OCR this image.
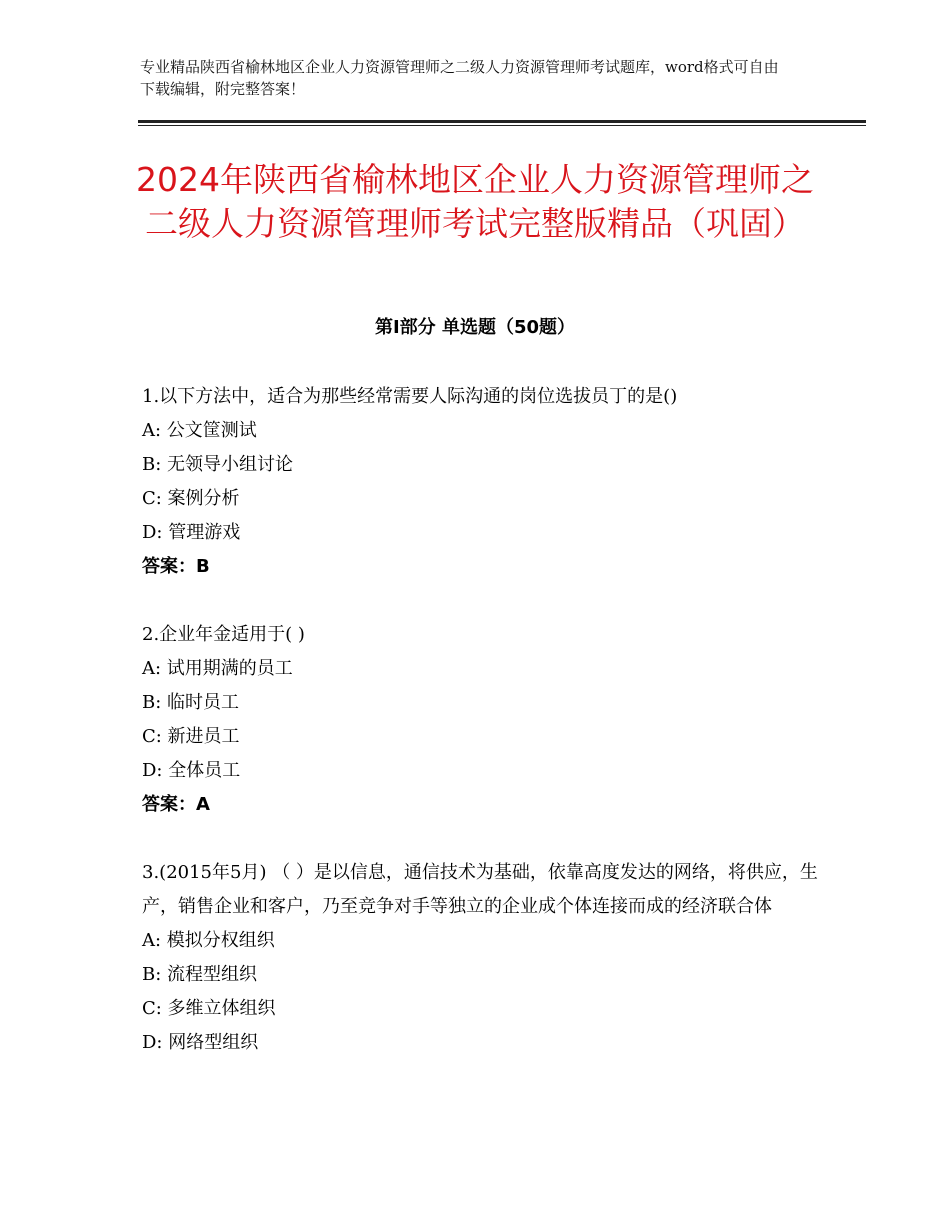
专业精品陕西省榆林地区企业人力资源管理师之二级人力资源管理师考试题库，word格式可自由下载编辑，附完整答案！
2024年陕西省榆林地区企业人力资源管理师之二级人力资源管理师考试完整版精品（巩固）
第Ⅰ部分 单选题（50题）

1.以下方法中，适合为那些经常需要人际沟通的岗位选拔员丁的是()

A: 公文筐测试

B: 无领导小组讨论

C: 案例分析

D: 管理游戏

答案：B

2.企业年金适用于( )

A: 试用期满的员工

B: 临时员工

C: 新进员工

D: 全体员工

答案：A

3.(2015年5月) （ ）是以信息，通信技术为基础，依靠高度发达的网络，将供应，生产，销售企业和客户，乃至竞争对手等独立的企业成个体连接而成的经济联合体

A: 模拟分权组织

B: 流程型组织

C: 多维立体组织

D: 网络型组织
